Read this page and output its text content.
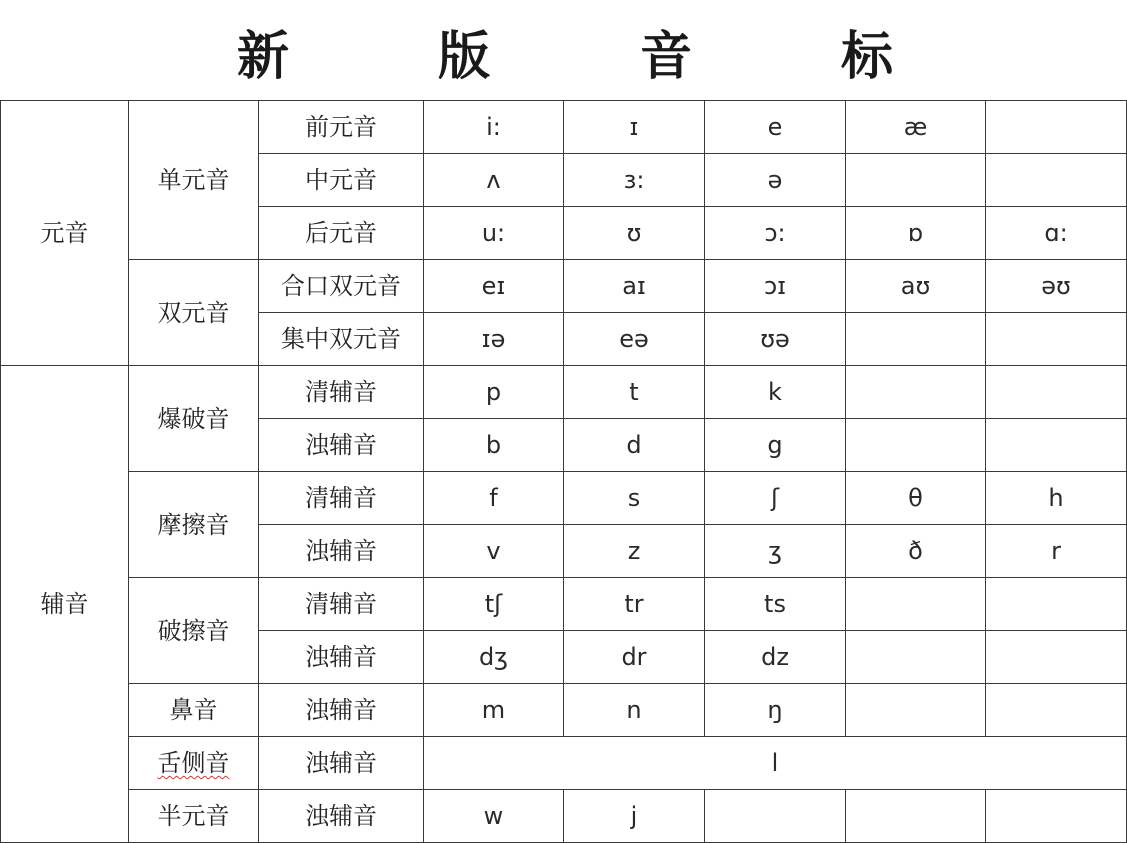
新	版	音	标
元音	单元音	前元音	i:	ɪ	e	æ	
		中元音	ʌ	ɜ:	ə		
		后元音	u:	ʊ	ɔ:	ɒ	ɑ:
	双元音	合口双元音	eɪ	aɪ	ɔɪ	aʊ	əʊ
		集中双元音	ɪə	eə	ʊə		
辅音	爆破音	清辅音	p	t	k		
		浊辅音	b	d	g		
	摩擦音	清辅音	f	s	ʃ	θ	h
		浊辅音	v	z	ʒ	ð	r
	破擦音	清辅音	tʃ	tr	ts		
		浊辅音	dʒ	dr	dz		
	鼻音	浊辅音	m	n	ŋ		
	舌侧音	浊辅音	l				
	半元音	浊辅音	w	j			
